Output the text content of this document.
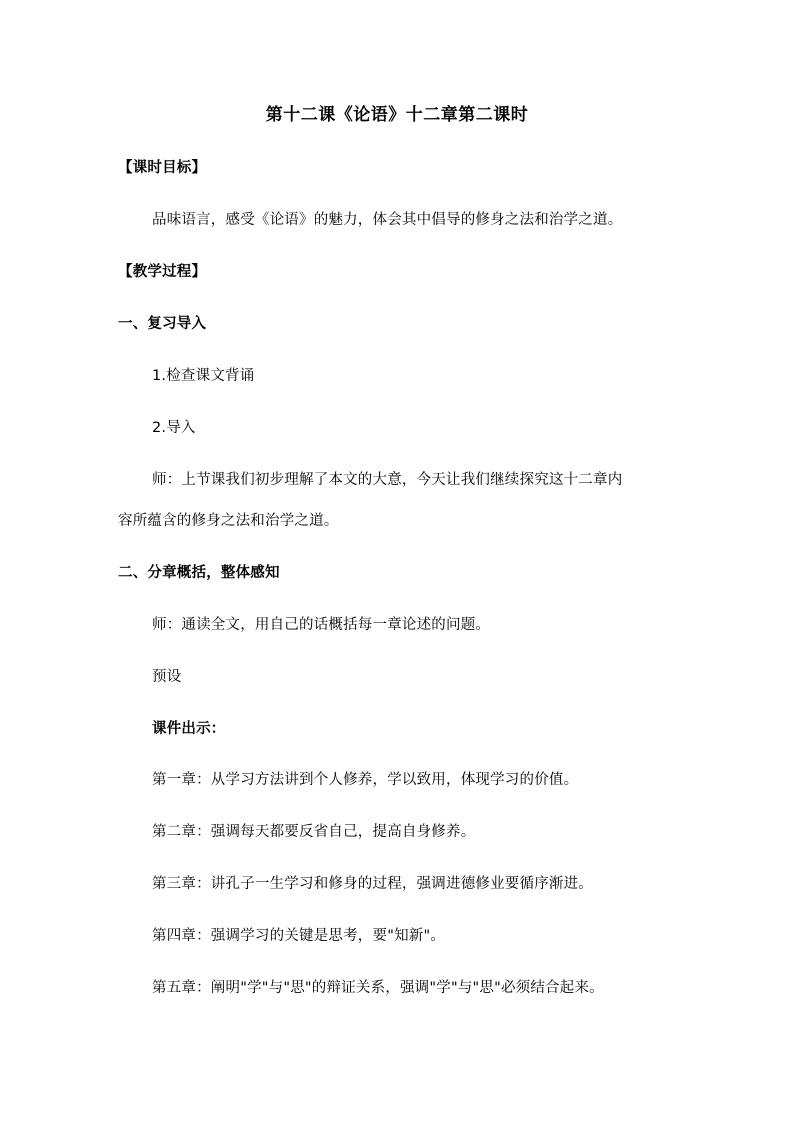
第十二课《论语》十二章第二课时
【课时目标】
品味语言，感受《论语》的魅力，体会其中倡导的修身之法和治学之道。
【教学过程】
一、复习导入
1.检查课文背诵
2.导入
师：上节课我们初步理解了本文的大意，今天让我们继续探究这十二章内
容所蕴含的修身之法和治学之道。
二、分章概括，整体感知
师：通读全文，用自己的话概括每一章论述的问题。
预设
课件出示：
第一章：从学习方法讲到个人修养，学以致用，体现学习的价值。
第二章：强调每天都要反省自己，提高自身修养。
第三章：讲孔子一生学习和修身的过程，强调进德修业要循序渐进。
第四章：强调学习的关键是思考，要"知新"。
第五章：阐明"学"与"思"的辩证关系，强调"学"与"思"必须结合起来。
